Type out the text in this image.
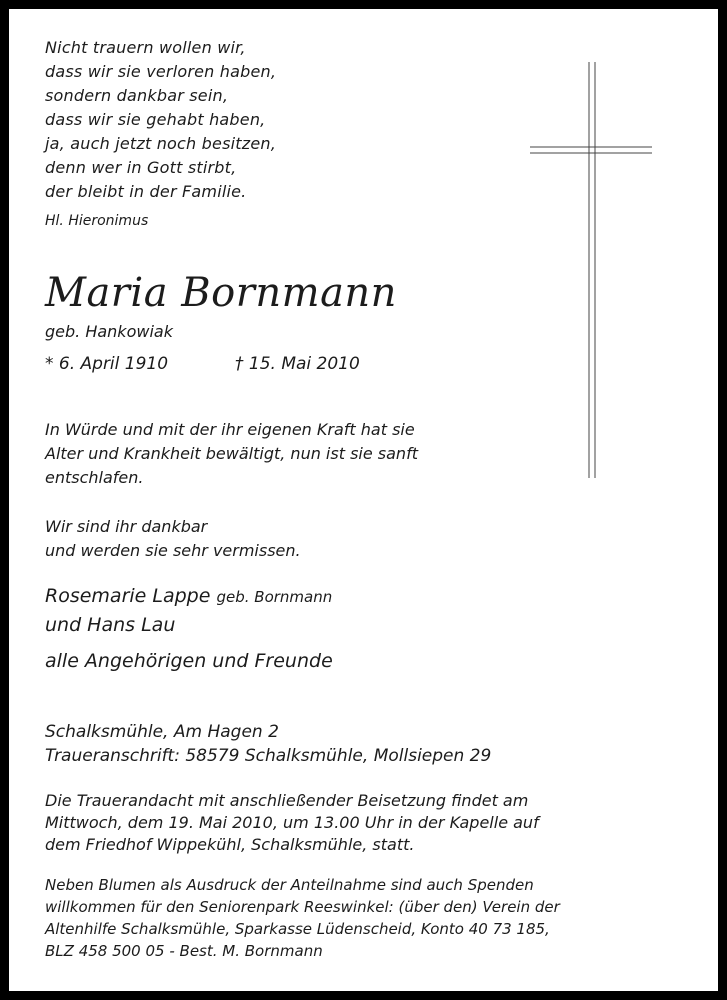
Nicht trauern wollen wir,
dass wir sie verloren haben,
sondern dankbar sein,
dass wir sie gehabt haben,
ja, auch jetzt noch besitzen,
denn wer in Gott stirbt,
der bleibt in der Familie.
Hl. Hieronimus
Maria Bornmann
geb. Hankowiak
* 6. April 1910	† 15. Mai 2010
In Würde und mit der ihr eigenen Kraft hat sie
Alter und Krankheit bewältigt, nun ist sie sanft
entschlafen.
Wir sind ihr dankbar
und werden sie sehr vermissen.
Rosemarie Lappe geb. Bornmann
und Hans Lau
alle Angehörigen und Freunde
Schalksmühle, Am Hagen 2
Traueranschrift: 58579 Schalksmühle, Mollsiepen 29
Die Trauerandacht mit anschließender Beisetzung findet am
Mittwoch, dem 19. Mai 2010, um 13.00 Uhr in der Kapelle auf
dem Friedhof Wippekühl, Schalksmühle, statt.
Neben Blumen als Ausdruck der Anteilnahme sind auch Spenden
willkommen für den Seniorenpark Reeswinkel: (über den) Verein der
Altenhilfe Schalksmühle, Sparkasse Lüdenscheid, Konto 40 73 185,
BLZ 458 500 05 - Best. M. Bornmann
